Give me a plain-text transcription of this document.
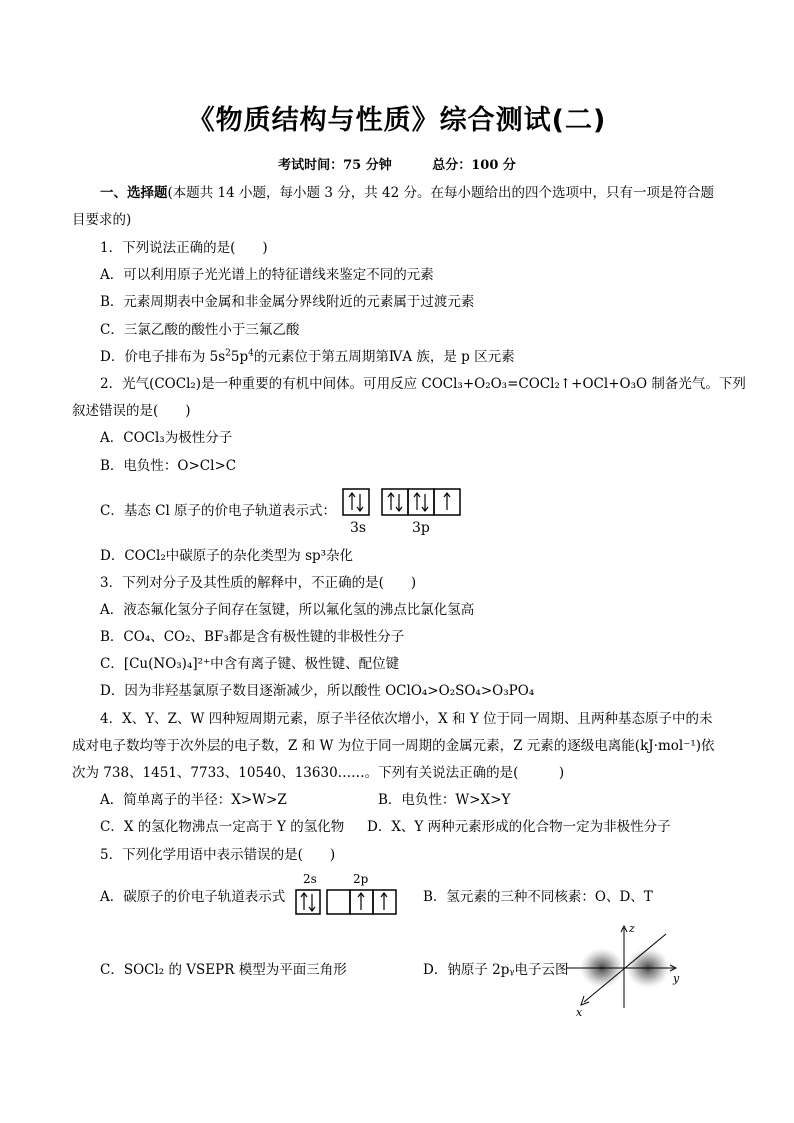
《物质结构与性质》综合测试(二)
考试时间：75 分钟	总分：100 分
一、选择题(本题共 14 小题，每小题 3 分，共 42 分。在每小题给出的四个选项中，只有一项是符合题
目要求的)
1．下列说法正确的是(　　)
A．可以利用原子光光谱上的特征谱线来鉴定不同的元素
B．元素周期表中金属和非金属分界线附近的元素属于过渡元素
C．三氯乙酸的酸性小于三氟乙酸
D．价电子排布为 $5s^25p^4$的元素位于第五周期第ⅣA 族，是 p 区元素
2．光气(COCl₂)是一种重要的有机中间体。可用反应 COCl₃+O₂O₃=COCl₂↑+OCl+O₃O 制备光气。下列
叙述错误的是(　　)
A．COCl₃为极性分子
B．电负性：O>Cl>C
C．基态 Cl 原子的价电子轨道表示式：
3s	3p
D．COCl₂中碳原子的杂化类型为 sp³杂化
3．下列对分子及其性质的解释中，不正确的是(　　)
A．液态氟化氢分子间存在氢键，所以氟化氢的沸点比氯化氢高
B．CO₄、CO₂、BF₃都是含有极性键的非极性分子
C．[Cu(NO₃)₄]²⁺中含有离子键、极性键、配位键
D．因为非羟基氯原子数目逐渐减少，所以酸性 OClO₄>O₂SO₄>O₃PO₄
4．X、Y、Z、W 四种短周期元素，原子半径依次增小，X 和 Y 位于同一周期、且两种基态原子中的未
成对电子数均等于次外层的电子数，Z 和 W 为位于同一周期的金属元素，Z 元素的逐级电离能(kJ·mol⁻¹)依
次为 738、1451、7733、10540、13630……。下列有关说法正确的是(　　　)
A．简单离子的半径：X>W>Z	B．电负性：W>X>Y
C．X 的氢化物沸点一定高于 Y 的氢化物 D．X、Y 两种元素形成的化合物一定为非极性分子
5．下列化学用语中表示错误的是(　　)
A．碳原子的价电子轨道表示式
2s	2p
B．氢元素的三种不同核素：O、D、T
C．SOCl₂ 的 VSEPR 模型为平面三角形	D．钠原子 2pᵧ电子云图
z
y
x
